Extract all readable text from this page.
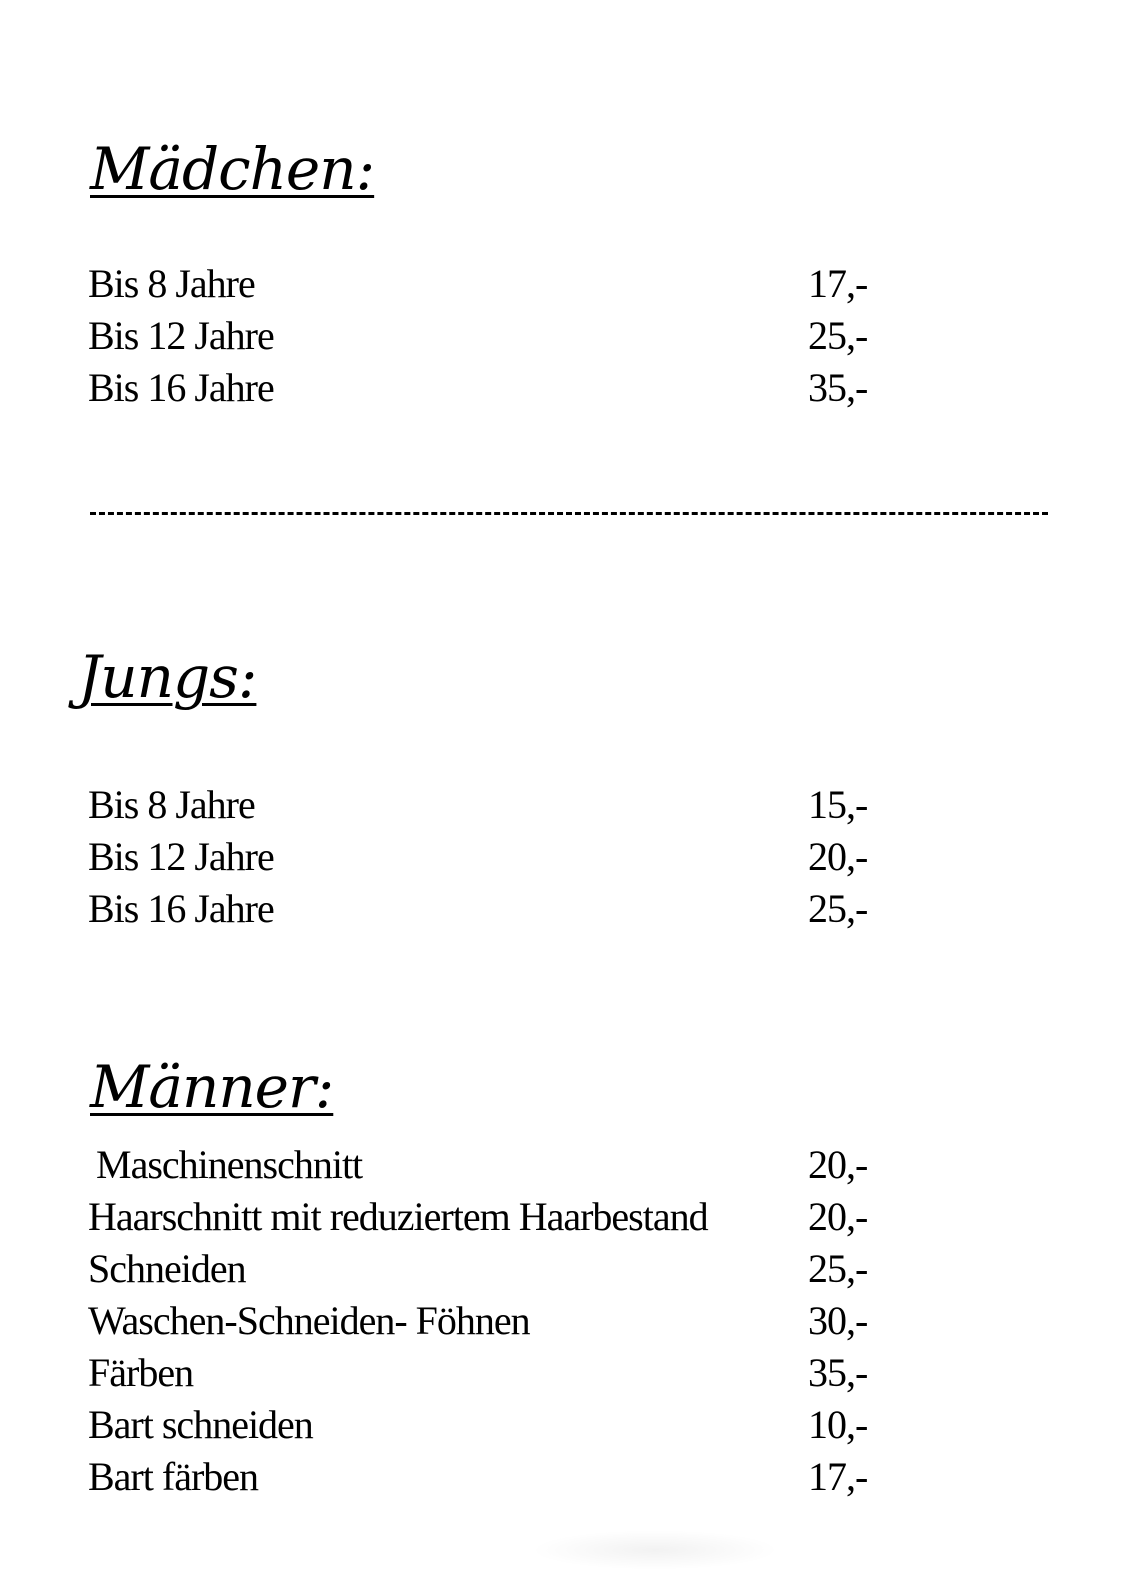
Mädchen:
Bis 8 Jahre	17,-
Bis 12 Jahre	25,-
Bis 16 Jahre	35,-
Jungs:
Bis 8 Jahre	15,-
Bis 12 Jahre	20,-
Bis 16 Jahre	25,-
Männer:
Maschinenschnitt	20,-
Haarschnitt mit reduziertem Haarbestand	20,-
Schneiden	25,-
Waschen-Schneiden- Föhnen	30,-
Färben	35,-
Bart schneiden	10,-
Bart färben	17,-
